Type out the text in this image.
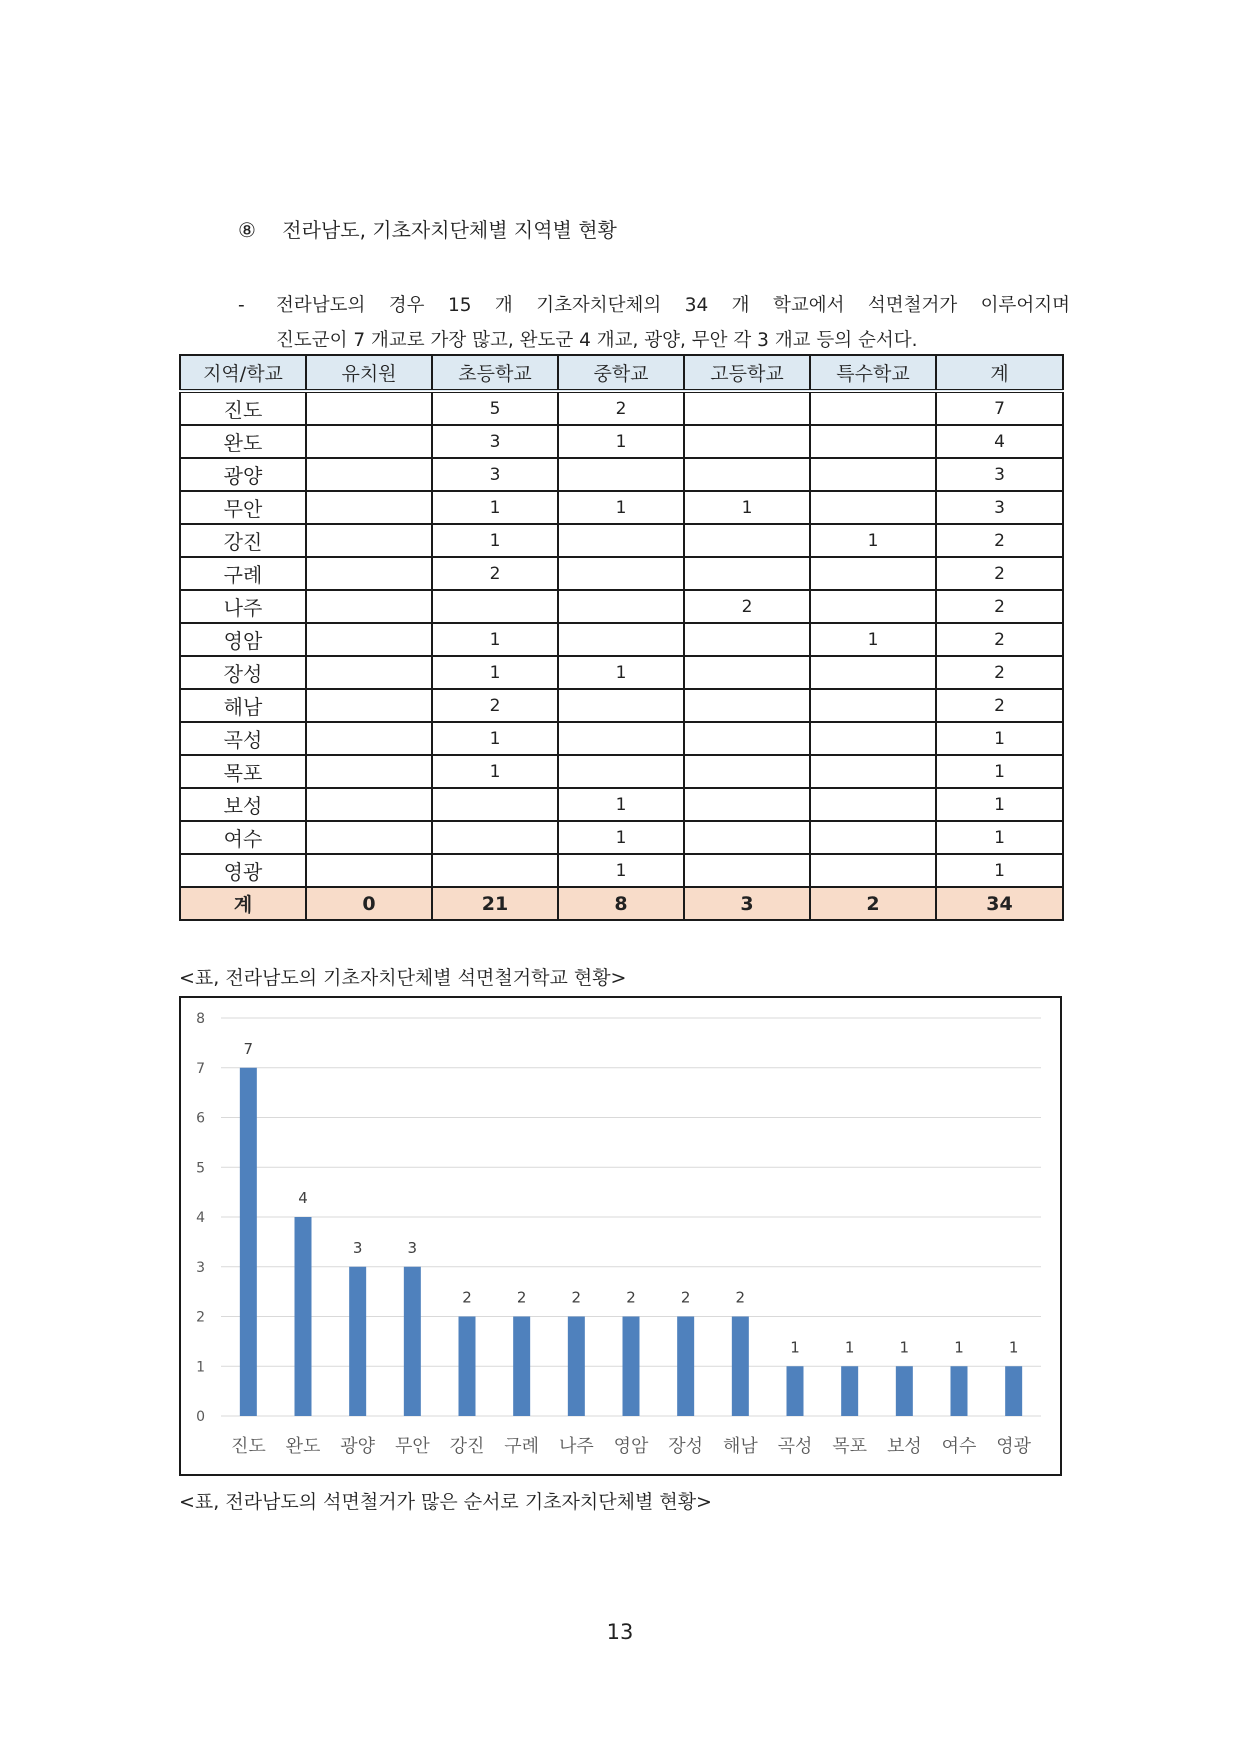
⑧ 전라남도, 기초자치단체별 지역별 현황
- 전라남도의 경우 15 개 기초자치단체의 34 개 학교에서 석면철거가 이루어지며
진도군이 7 개교로 가장 많고, 완도군 4 개교, 광양, 무안 각 3 개교 등의 순서다.
지역/학교	유치원	초등학교	중학교	고등학교	특수학교	계
진도		5	2			7
완도		3	1			4
광양		3				3
무안		1	1	1		3
강진		1			1	2
구례		2				2
나주				2		2
영암		1			1	2
장성		1	1			2
해남		2				2
곡성		1				1
목포		1				1
보성			1			1
여수			1			1
영광			1			1
계	0	21	8	3	2	34
<표, 전라남도의 기초자치단체별 석면철거학교 현황>
0
1
2
3
4
5
6
7
8
7
진도
4
완도
3
광양
3
무안
2
강진
2
구례
2
나주
2
영암
2
장성
2
해남
1
곡성
1
목포
1
보성
1
여수
1
영광
<표, 전라남도의 석면철거가 많은 순서로 기초자치단체별 현황>
13
